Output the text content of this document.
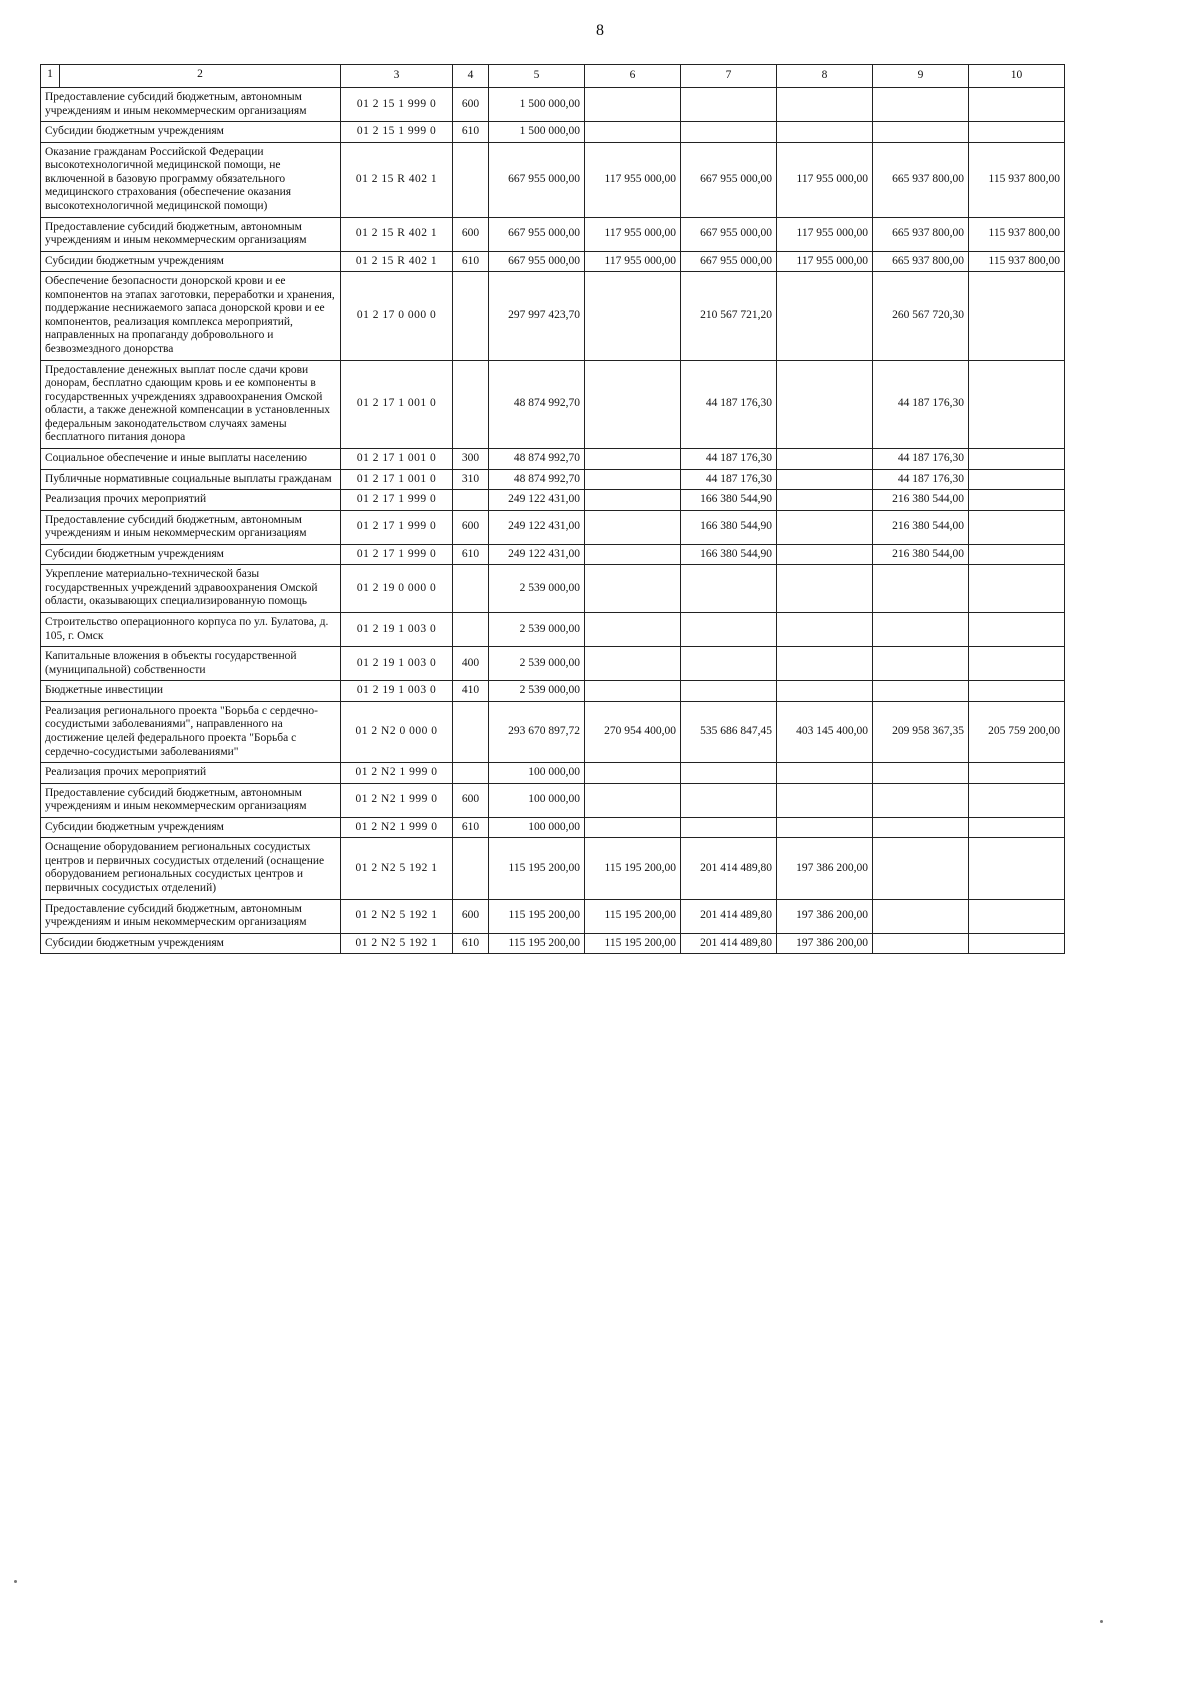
8
1 2	3	4	5	6	7	8	9	10
Предоставление субсидий бюджетным, автономным учреждениям и иным некоммерческим организациям	01 2 15 1 999 0	600	1 500 000,00					
Субсидии бюджетным учреждениям	01 2 15 1 999 0	610	1 500 000,00					
Оказание гражданам Российской Федерации высокотехнологичной медицинской помощи, не включенной в базовую программу обязательного медицинского страхования (обеспечение оказания высокотехнологичной медицинской помощи)	01 2 15 R 402 1		667 955 000,00	117 955 000,00	667 955 000,00	117 955 000,00	665 937 800,00	115 937 800,00
Предоставление субсидий бюджетным, автономным учреждениям и иным некоммерческим организациям	01 2 15 R 402 1	600	667 955 000,00	117 955 000,00	667 955 000,00	117 955 000,00	665 937 800,00	115 937 800,00
Субсидии бюджетным учреждениям	01 2 15 R 402 1	610	667 955 000,00	117 955 000,00	667 955 000,00	117 955 000,00	665 937 800,00	115 937 800,00
Обеспечение безопасности донорской крови и ее компонентов на этапах заготовки, переработки и хранения, поддержание неснижаемого запаса донорской крови и ее компонентов, реализация комплекса мероприятий, направленных на пропаганду добровольного и безвозмездного донорства	01 2 17 0 000 0		297 997 423,70		210 567 721,20		260 567 720,30	
Предоставление денежных выплат после сдачи крови донорам, бесплатно сдающим кровь и ее компоненты в государственных учреждениях здравоохранения Омской области, а также денежной компенсации в установленных федеральным законодательством случаях замены бесплатного питания донора	01 2 17 1 001 0		48 874 992,70		44 187 176,30		44 187 176,30	
Социальное обеспечение и иные выплаты населению	01 2 17 1 001 0	300	48 874 992,70		44 187 176,30		44 187 176,30	
Публичные нормативные социальные выплаты гражданам	01 2 17 1 001 0	310	48 874 992,70		44 187 176,30		44 187 176,30	
Реализация прочих мероприятий	01 2 17 1 999 0		249 122 431,00		166 380 544,90		216 380 544,00	
Предоставление субсидий бюджетным, автономным учреждениям и иным некоммерческим организациям	01 2 17 1 999 0	600	249 122 431,00		166 380 544,90		216 380 544,00	
Субсидии бюджетным учреждениям	01 2 17 1 999 0	610	249 122 431,00		166 380 544,90		216 380 544,00	
Укрепление материально-технической базы государственных учреждений здравоохранения Омской области, оказывающих специализированную помощь	01 2 19 0 000 0		2 539 000,00					
Строительство операционного корпуса по ул. Булатова, д. 105, г. Омск	01 2 19 1 003 0		2 539 000,00					
Капитальные вложения в объекты государственной (муниципальной) собственности	01 2 19 1 003 0	400	2 539 000,00					
Бюджетные инвестиции	01 2 19 1 003 0	410	2 539 000,00					
Реализация регионального проекта "Борьба с сердечно-сосудистыми заболеваниями", направленного на достижение целей федерального проекта "Борьба с сердечно-сосудистыми заболеваниями"	01 2 N2 0 000 0		293 670 897,72	270 954 400,00	535 686 847,45	403 145 400,00	209 958 367,35	205 759 200,00
Реализация прочих мероприятий	01 2 N2 1 999 0		100 000,00					
Предоставление субсидий бюджетным, автономным учреждениям и иным некоммерческим организациям	01 2 N2 1 999 0	600	100 000,00					
Субсидии бюджетным учреждениям	01 2 N2 1 999 0	610	100 000,00					
Оснащение оборудованием региональных сосудистых центров и первичных сосудистых отделений (оснащение оборудованием региональных сосудистых центров и первичных сосудистых отделений)	01 2 N2 5 192 1		115 195 200,00	115 195 200,00	201 414 489,80	197 386 200,00		
Предоставление субсидий бюджетным, автономным учреждениям и иным некоммерческим организациям	01 2 N2 5 192 1	600	115 195 200,00	115 195 200,00	201 414 489,80	197 386 200,00		
Субсидии бюджетным учреждениям	01 2 N2 5 192 1	610	115 195 200,00	115 195 200,00	201 414 489,80	197 386 200,00		
